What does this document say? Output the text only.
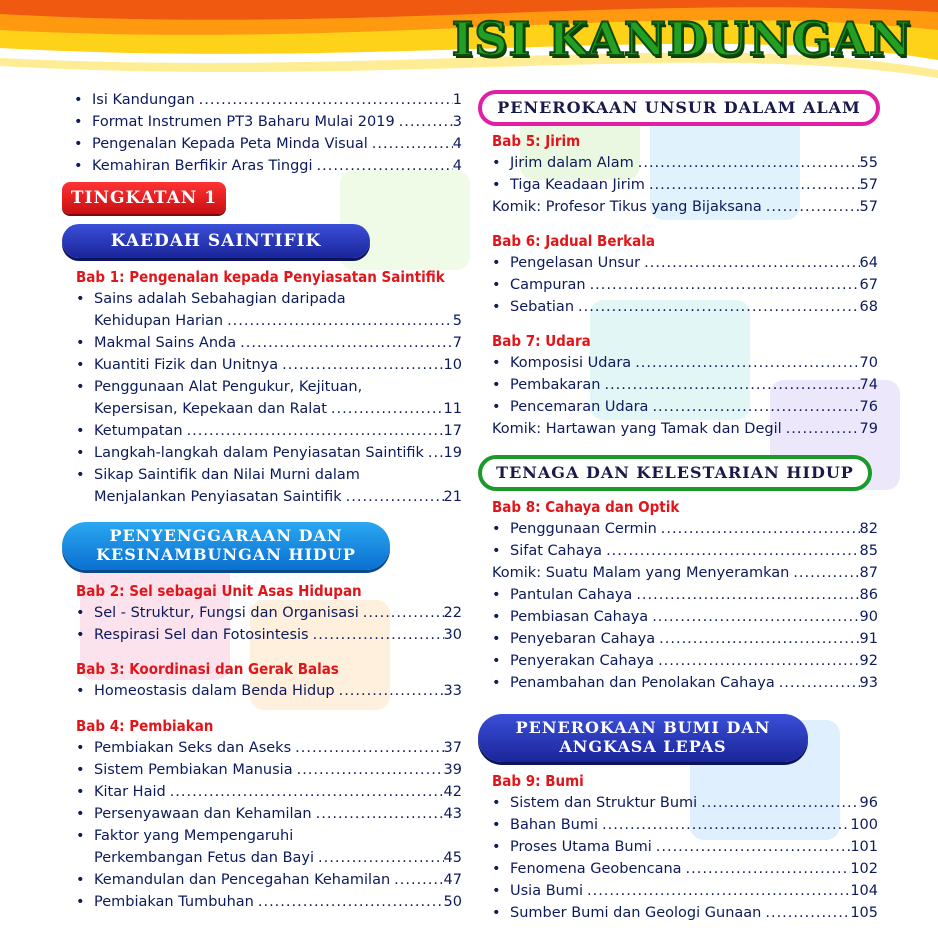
ISI KANDUNGAN
• Isi Kandungan .....	1
• Format Instrumen PT3 Baharu Mulai 2019 .....	3
• Pengenalan Kepada Peta Minda Visual .....	4
• Kemahiran Berfikir Aras Tinggi .....	4
TINGKATAN 1
KAEDAH SAINTIFIK
Bab 1: Pengenalan kepada Penyiasatan Saintifik
• Sains adalah Sebahagian daripada
Kehidupan Harian .....	5
• Makmal Sains Anda .....	7
• Kuantiti Fizik dan Unitnya .....	10
• Penggunaan Alat Pengukur, Kejituan,
Kepersisan, Kepekaan dan Ralat .....	11
• Ketumpatan .....	17
• Langkah-langkah dalam Penyiasatan Saintifik ..... 19
• Sikap Saintifik dan Nilai Murni dalam
Menjalankan Penyiasatan Saintifik .....	21
PENYENGGARAAN DAN
KESINAMBUNGAN HIDUP
Bab 2: Sel sebagai Unit Asas Hidupan
• Sel - Struktur, Fungsi dan Organisasi .....	22
• Respirasi Sel dan Fotosintesis .....	30
Bab 3: Koordinasi dan Gerak Balas
• Homeostasis dalam Benda Hidup .....	33
Bab 4: Pembiakan
• Pembiakan Seks dan Aseks .....	37
• Sistem Pembiakan Manusia .....	39
• Kitar Haid .....	42
• Persenyawaan dan Kehamilan .....	43
• Faktor yang Mempengaruhi
Perkembangan Fetus dan Bayi .....	45
• Kemandulan dan Pencegahan Kehamilan .....	47
• Pembiakan Tumbuhan .....	50
PENEROKAAN UNSUR DALAM ALAM
Bab 5: Jirim
• Jirim dalam Alam .....	55
• Tiga Keadaan Jirim .....	57
Komik: Profesor Tikus yang Bijaksana .....	57
Bab 6: Jadual Berkala
• Pengelasan Unsur .....	64
• Campuran .....	67
• Sebatian .....	68
Bab 7: Udara
• Komposisi Udara .....	70
• Pembakaran .....	74
• Pencemaran Udara .....	76
Komik: Hartawan yang Tamak dan Degil .....	79
TENAGA DAN KELESTARIAN HIDUP
Bab 8: Cahaya dan Optik
• Penggunaan Cermin .....	82
• Sifat Cahaya .....	85
Komik: Suatu Malam yang Menyeramkan .....	87
• Pantulan Cahaya .....	86
• Pembiasan Cahaya .....	90
• Penyebaran Cahaya .....	91
• Penyerakan Cahaya .....	92
• Penambahan dan Penolakan Cahaya .....	93
PENEROKAAN BUMI DAN
ANGKASA LEPAS
Bab 9: Bumi
• Sistem dan Struktur Bumi .....	96
• Bahan Bumi .....	100
• Proses Utama Bumi .....	101
• Fenomena Geobencana .....	102
• Usia Bumi .....	104
• Sumber Bumi dan Geologi Gunaan .....	105
